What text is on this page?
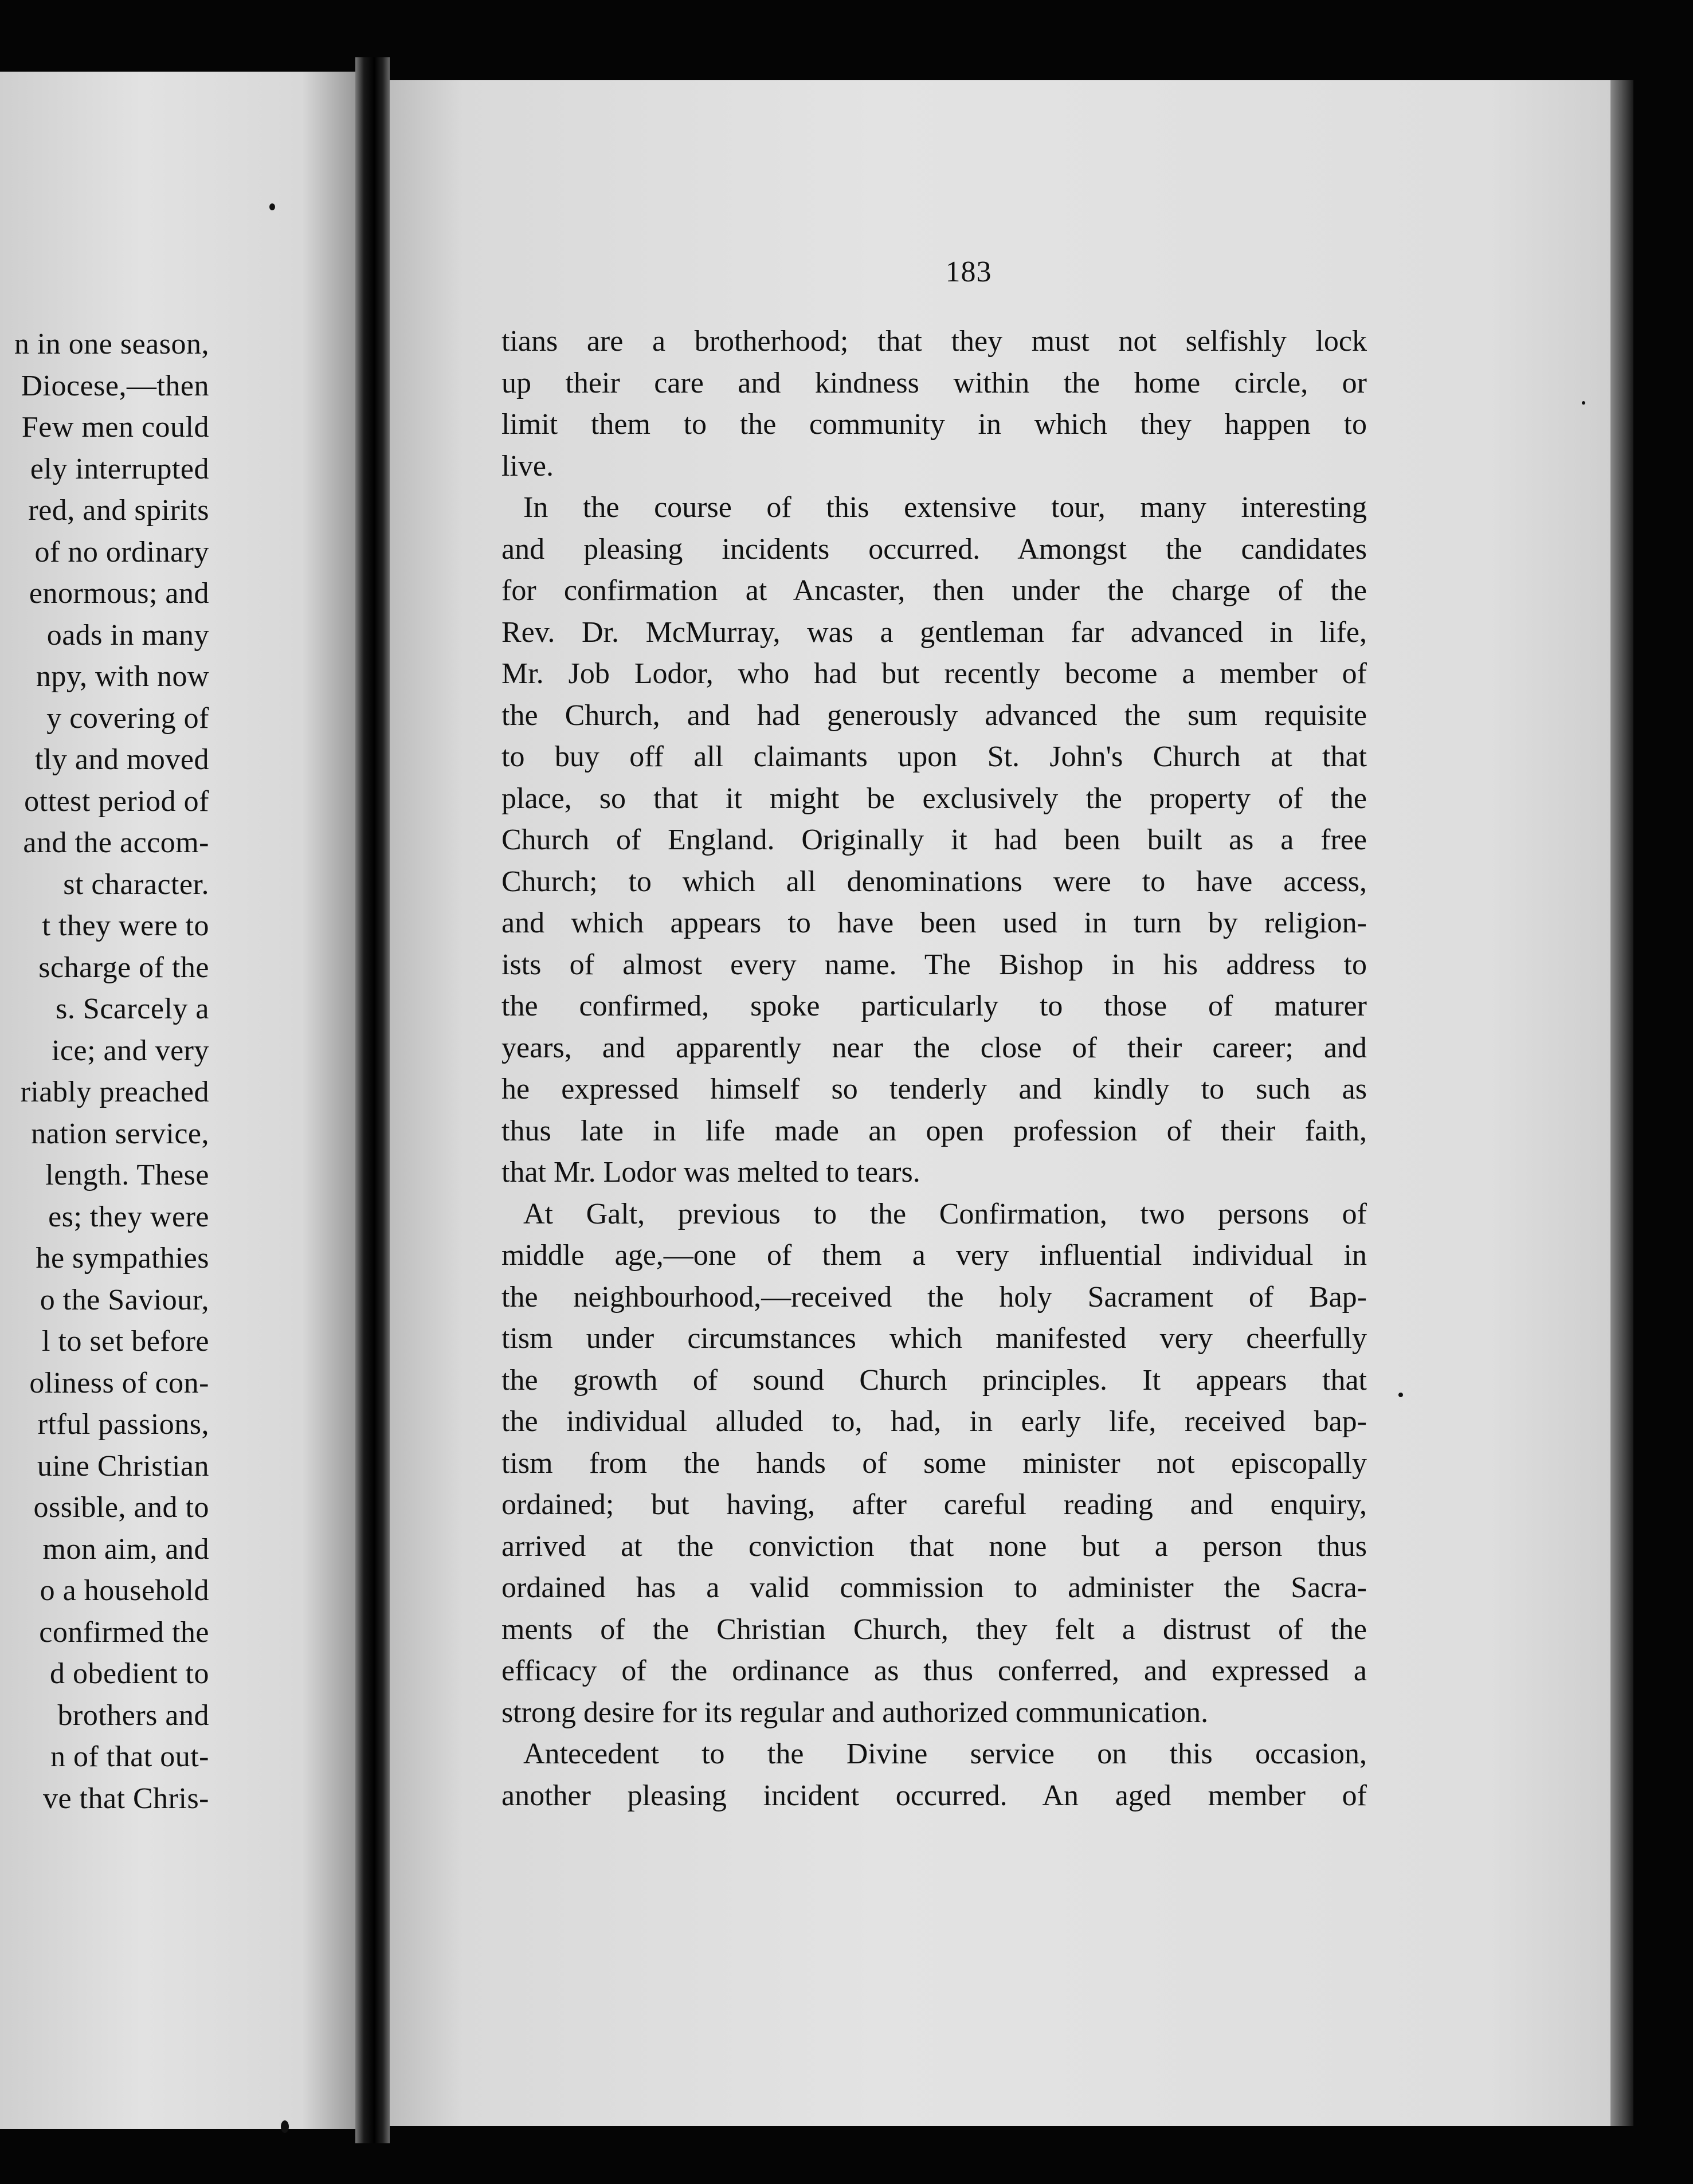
n in one season,
Diocese,—then
Few men could
ely interrupted
red, and spirits
of no ordinary
enormous; and
oads in many
npy, with now
y covering of
tly and moved
ottest period of
and the accom-
st character.
t they were to
scharge of the
s. Scarcely a
ice; and very
riably preached
nation service,
length. These
es; they were
he sympathies
o the Saviour,
l to set before
oliness of con-
rtful passions,
uine Christian
ossible, and to
mon aim, and
o a household
confirmed the
d obedient to
brothers and
n of that out-
ve that Chris-
183

tians are a brotherhood; that they must not selfishly lock
up their care and kindness within the home circle, or
limit them to the community in which they happen to
live.

In the course of this extensive tour, many interesting
and pleasing incidents occurred. Amongst the candidates
for confirmation at Ancaster, then under the charge of the
Rev. Dr. McMurray, was a gentleman far advanced in life,
Mr. Job Lodor, who had but recently become a member of
the Church, and had generously advanced the sum requisite
to buy off all claimants upon St. John's Church at that
place, so that it might be exclusively the property of the
Church of England. Originally it had been built as a free
Church; to which all denominations were to have access,
and which appears to have been used in turn by religion-
ists of almost every name. The Bishop in his address to
the confirmed, spoke particularly to those of maturer
years, and apparently near the close of their career; and
he expressed himself so tenderly and kindly to such as
thus late in life made an open profession of their faith,
that Mr. Lodor was melted to tears.

At Galt, previous to the Confirmation, two persons of
middle age,—one of them a very influential individual in
the neighbourhood,—received the holy Sacrament of Bap-
tism under circumstances which manifested very cheerfully
the growth of sound Church principles. It appears that
the individual alluded to, had, in early life, received bap-
tism from the hands of some minister not episcopally
ordained; but having, after careful reading and enquiry,
arrived at the conviction that none but a person thus
ordained has a valid commission to administer the Sacra-
ments of the Christian Church, they felt a distrust of the
efficacy of the ordinance as thus conferred, and expressed a
strong desire for its regular and authorized communication.

Antecedent to the Divine service on this occasion,
another pleasing incident occurred. An aged member of
